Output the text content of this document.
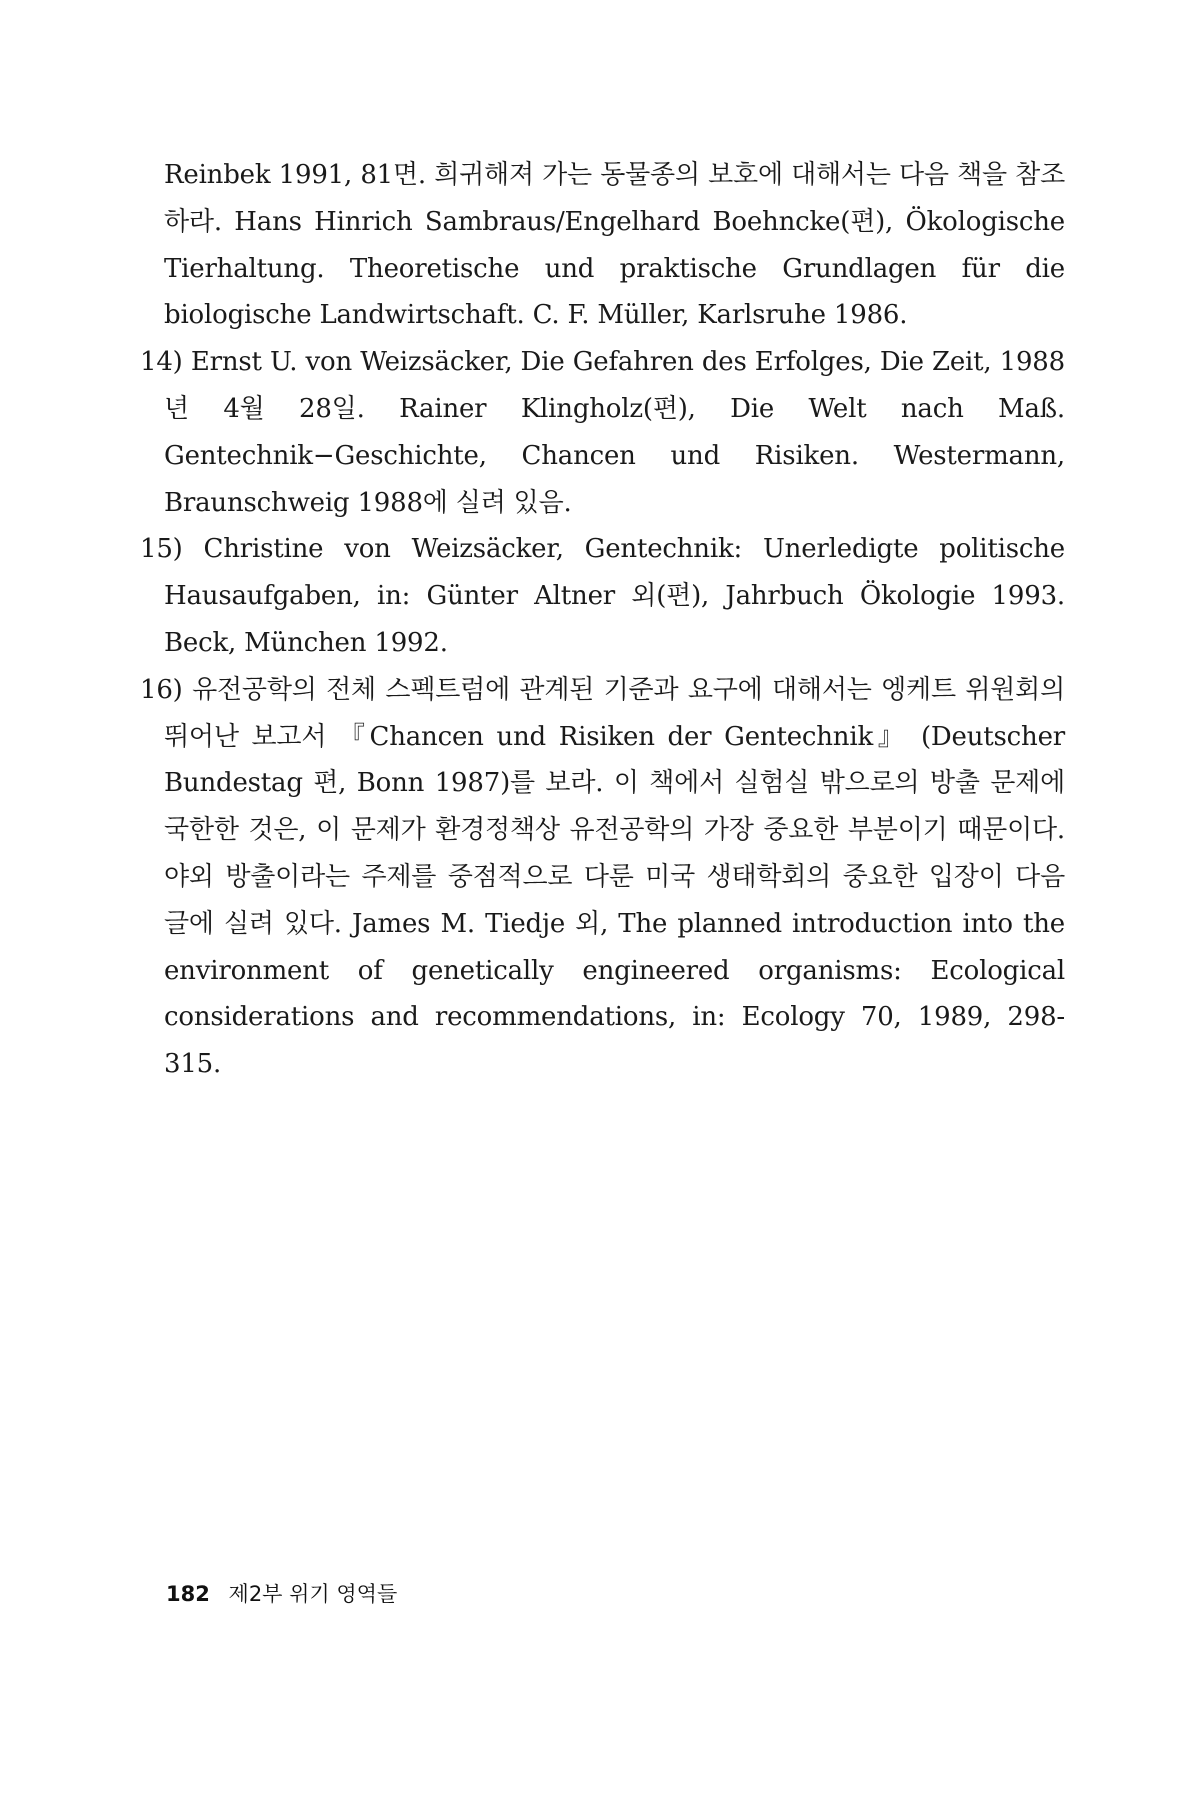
Reinbek 1991, 81면. 희귀해져 가는 동물종의 보호에 대해서는 다음 책을 참조하라. Hans Hinrich Sambraus/Engelhard Boehncke(편), Ökologische Tierhaltung. Theoretische und praktische Grundlagen für die biologische Landwirtschaft. C. F. Müller, Karlsruhe 1986.

14) Ernst U. von Weizsäcker, Die Gefahren des Erfolges, Die Zeit, 1988년 4월 28일. Rainer Klingholz(편), Die Welt nach Maß. Gentechnik−Geschichte, Chancen und Risiken. Westermann, Braunschweig 1988에 실려 있음.

15) Christine von Weizsäcker, Gentechnik: Unerledigte politische Hausaufgaben, in: Günter Altner 외(편), Jahrbuch Ökologie 1993. Beck, München 1992.

16) 유전공학의 전체 스펙트럼에 관계된 기준과 요구에 대해서는 엥케트 위원회의 뛰어난 보고서 『Chancen und Risiken der Gentechnik』 (Deutscher Bundestag 편, Bonn 1987)를 보라. 이 책에서 실험실 밖으로의 방출 문제에 국한한 것은, 이 문제가 환경정책상 유전공학의 가장 중요한 부분이기 때문이다. 야외 방출이라는 주제를 중점적으로 다룬 미국 생태학회의 중요한 입장이 다음 글에 실려 있다. James M. Tiedje 외, The planned introduction into the environment of genetically engineered organisms: Ecological considerations and recommendations, in: Ecology 70, 1989, 298-315.

182 제2부 위기 영역들
